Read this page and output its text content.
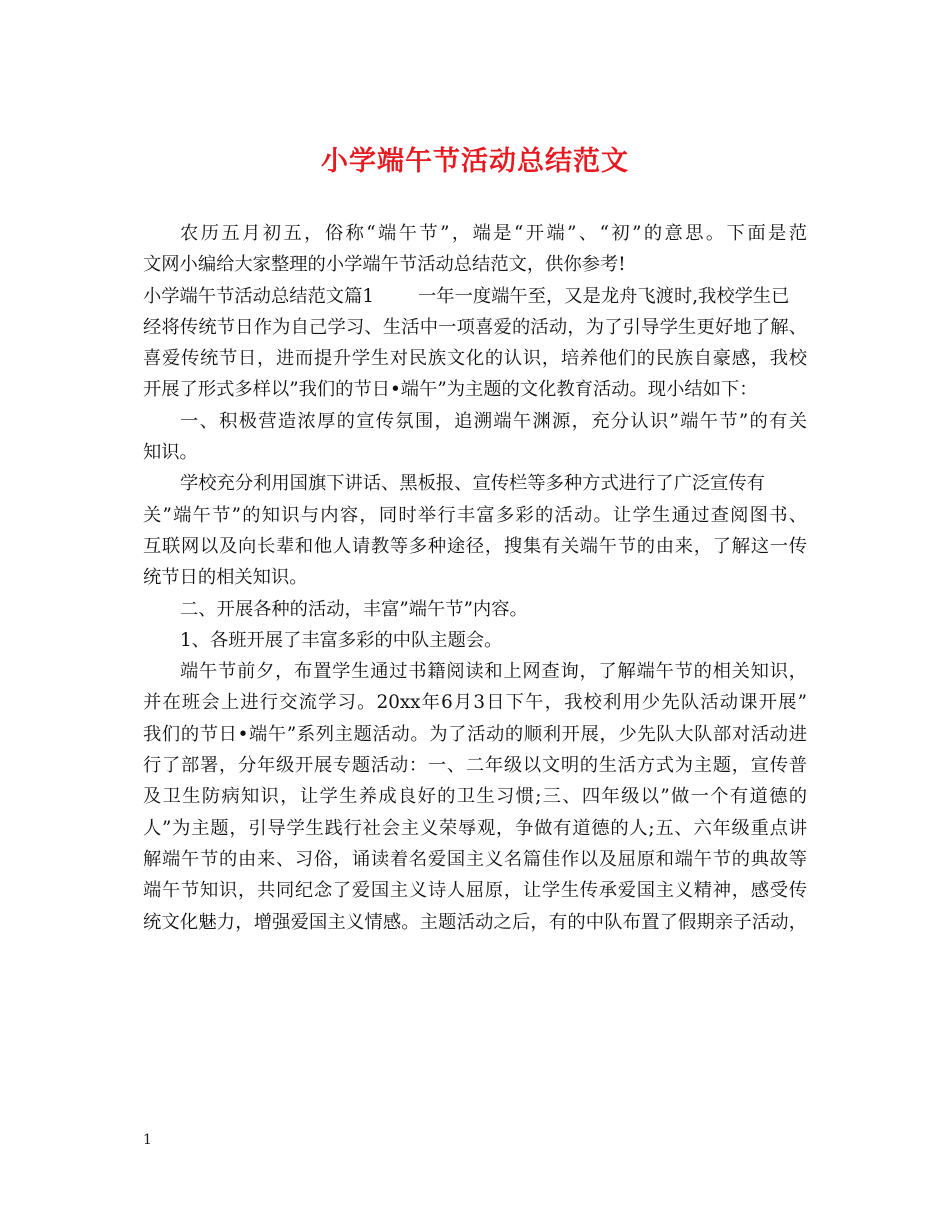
小学端午节活动总结范文
农历五月初五，俗称“端午节”，端是“开端”、“初”的意思。下面是范
文网小编给大家整理的小学端午节活动总结范文，供你参考!
小学端午节活动总结范文篇1 一年一度端午至，又是龙舟飞渡时,我校学生已
经将传统节日作为自己学习、生活中一项喜爱的活动，为了引导学生更好地了解、
喜爱传统节日，进而提升学生对民族文化的认识，培养他们的民族自豪感，我校
开展了形式多样以”我们的节日•端午”为主题的文化教育活动。现小结如下：
一、积极营造浓厚的宣传氛围，追溯端午渊源，充分认识”端午节”的有关
知识。
学校充分利用国旗下讲话、黑板报、宣传栏等多种方式进行了广泛宣传有
关”端午节”的知识与内容，同时举行丰富多彩的活动。让学生通过查阅图书、
互联网以及向长辈和他人请教等多种途径，搜集有关端午节的由来，了解这一传
统节日的相关知识。
二、开展各种的活动，丰富”端午节”内容。
1、各班开展了丰富多彩的中队主题会。
端午节前夕，布置学生通过书籍阅读和上网查询，了解端午节的相关知识，
并在班会上进行交流学习。20xx年6月3日下午，我校利用少先队活动课开展”
我们的节日•端午”系列主题活动。为了活动的顺利开展，少先队大队部对活动进
行了部署，分年级开展专题活动：一、二年级以文明的生活方式为主题，宣传普
及卫生防病知识，让学生养成良好的卫生习惯;三、四年级以”做一个有道德的
人”为主题，引导学生践行社会主义荣辱观，争做有道德的人;五、六年级重点讲
解端午节的由来、习俗，诵读着名爱国主义名篇佳作以及屈原和端午节的典故等
端午节知识，共同纪念了爱国主义诗人屈原，让学生传承爱国主义精神，感受传
统文化魅力，增强爱国主义情感。主题活动之后，有的中队布置了假期亲子活动，
1
